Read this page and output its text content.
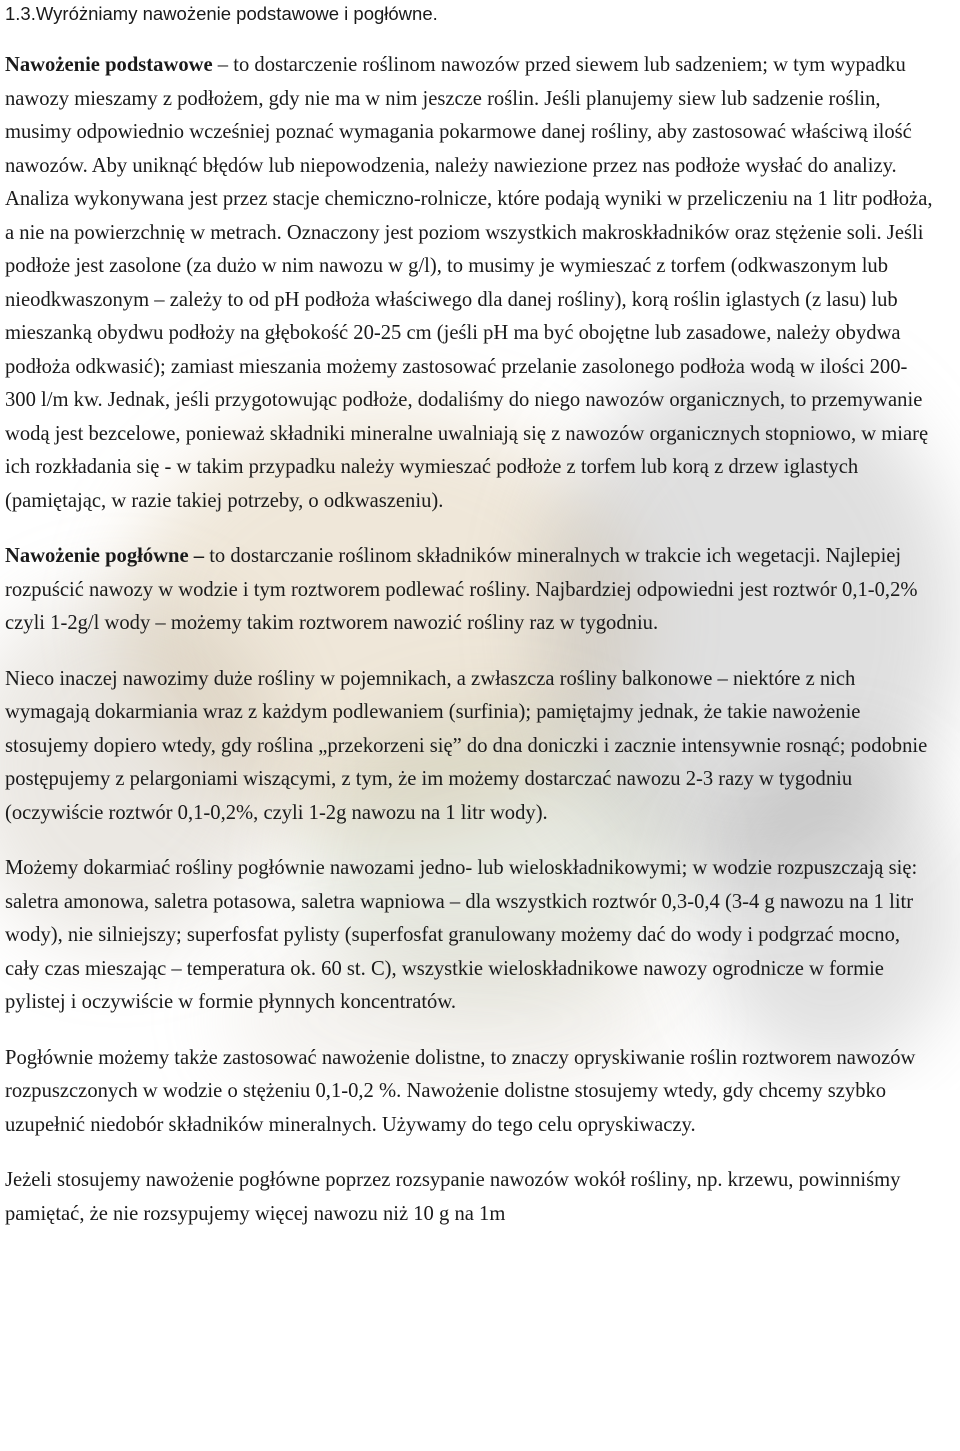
1.3.Wyróżniamy nawożenie podstawowe i pogłówne.

Nawożenie podstawowe – to dostarczenie roślinom nawozów przed siewem lub sadzeniem; w tym wypadku nawozy mieszamy z podłożem, gdy nie ma w nim jeszcze roślin. Jeśli planujemy siew lub sadzenie roślin, musimy odpowiednio wcześniej poznać wymagania pokarmowe danej rośliny, aby zastosować właściwą ilość nawozów. Aby uniknąć błędów lub niepowodzenia, należy nawiezione przez nas podłoże wysłać do analizy. Analiza wykonywana jest przez stacje chemiczno-rolnicze, które podają wyniki w przeliczeniu na 1 litr podłoża, a nie na powierzchnię w metrach. Oznaczony jest poziom wszystkich makroskładników oraz stężenie soli. Jeśli podłoże jest zasolone (za dużo w nim nawozu w g/l), to musimy je wymieszać z torfem (odkwaszonym lub nieodkwaszonym – zależy to od pH podłoża właściwego dla danej rośliny), korą roślin iglastych (z lasu) lub mieszanką obydwu podłoży na głębokość 20-25 cm (jeśli pH ma być obojętne lub zasadowe, należy obydwa podłoża odkwasić); zamiast mieszania możemy zastosować przelanie zasolonego podłoża wodą w ilości 200-300 l/m kw. Jednak, jeśli przygotowując podłoże, dodaliśmy do niego nawozów organicznych, to przemywanie wodą jest bezcelowe, ponieważ składniki mineralne uwalniają się z nawozów organicznych stopniowo, w miarę ich rozkładania się - w takim przypadku należy wymieszać podłoże z torfem lub korą z drzew iglastych (pamiętając, w razie takiej potrzeby, o odkwaszeniu).

Nawożenie pogłówne – to dostarczanie roślinom składników mineralnych w trakcie ich wegetacji. Najlepiej rozpuścić nawozy w wodzie i tym roztworem podlewać rośliny. Najbardziej odpowiedni jest roztwór 0,1-0,2% czyli 1-2g/l wody – możemy takim roztworem nawozić rośliny raz w tygodniu.

Nieco inaczej nawozimy duże rośliny w pojemnikach, a zwłaszcza rośliny balkonowe – niektóre z nich wymagają dokarmiania wraz z każdym podlewaniem (surfinia); pamiętajmy jednak, że takie nawożenie stosujemy dopiero wtedy, gdy roślina „przekorzeni się” do dna doniczki i zacznie intensywnie rosnąć; podobnie postępujemy z pelargoniami wiszącymi, z tym, że im możemy dostarczać nawozu 2-3 razy w tygodniu (oczywiście roztwór 0,1-0,2%, czyli 1-2g nawozu na 1 litr wody).

Możemy dokarmiać rośliny pogłównie nawozami jedno- lub wieloskładnikowymi; w wodzie rozpuszczają się: saletra amonowa, saletra potasowa, saletra wapniowa – dla wszystkich roztwór 0,3-0,4 (3-4 g nawozu na 1 litr wody), nie silniejszy; superfosfat pylisty (superfosfat granulowany możemy dać do wody i podgrzać mocno, cały czas mieszając – temperatura ok. 60 st. C), wszystkie wieloskładnikowe nawozy ogrodnicze w formie pylistej i oczywiście w formie płynnych koncentratów.

Pogłównie możemy także zastosować nawożenie dolistne, to znaczy opryskiwanie roślin roztworem nawozów rozpuszczonych w wodzie o stężeniu 0,1-0,2 %. Nawożenie dolistne stosujemy wtedy, gdy chcemy szybko uzupełnić niedobór składników mineralnych. Używamy do tego celu opryskiwaczy.

Jeżeli stosujemy nawożenie pogłówne poprzez rozsypanie nawozów wokół rośliny, np. krzewu, powinniśmy pamiętać, że nie rozsypujemy więcej nawozu niż 10 g na 1m
